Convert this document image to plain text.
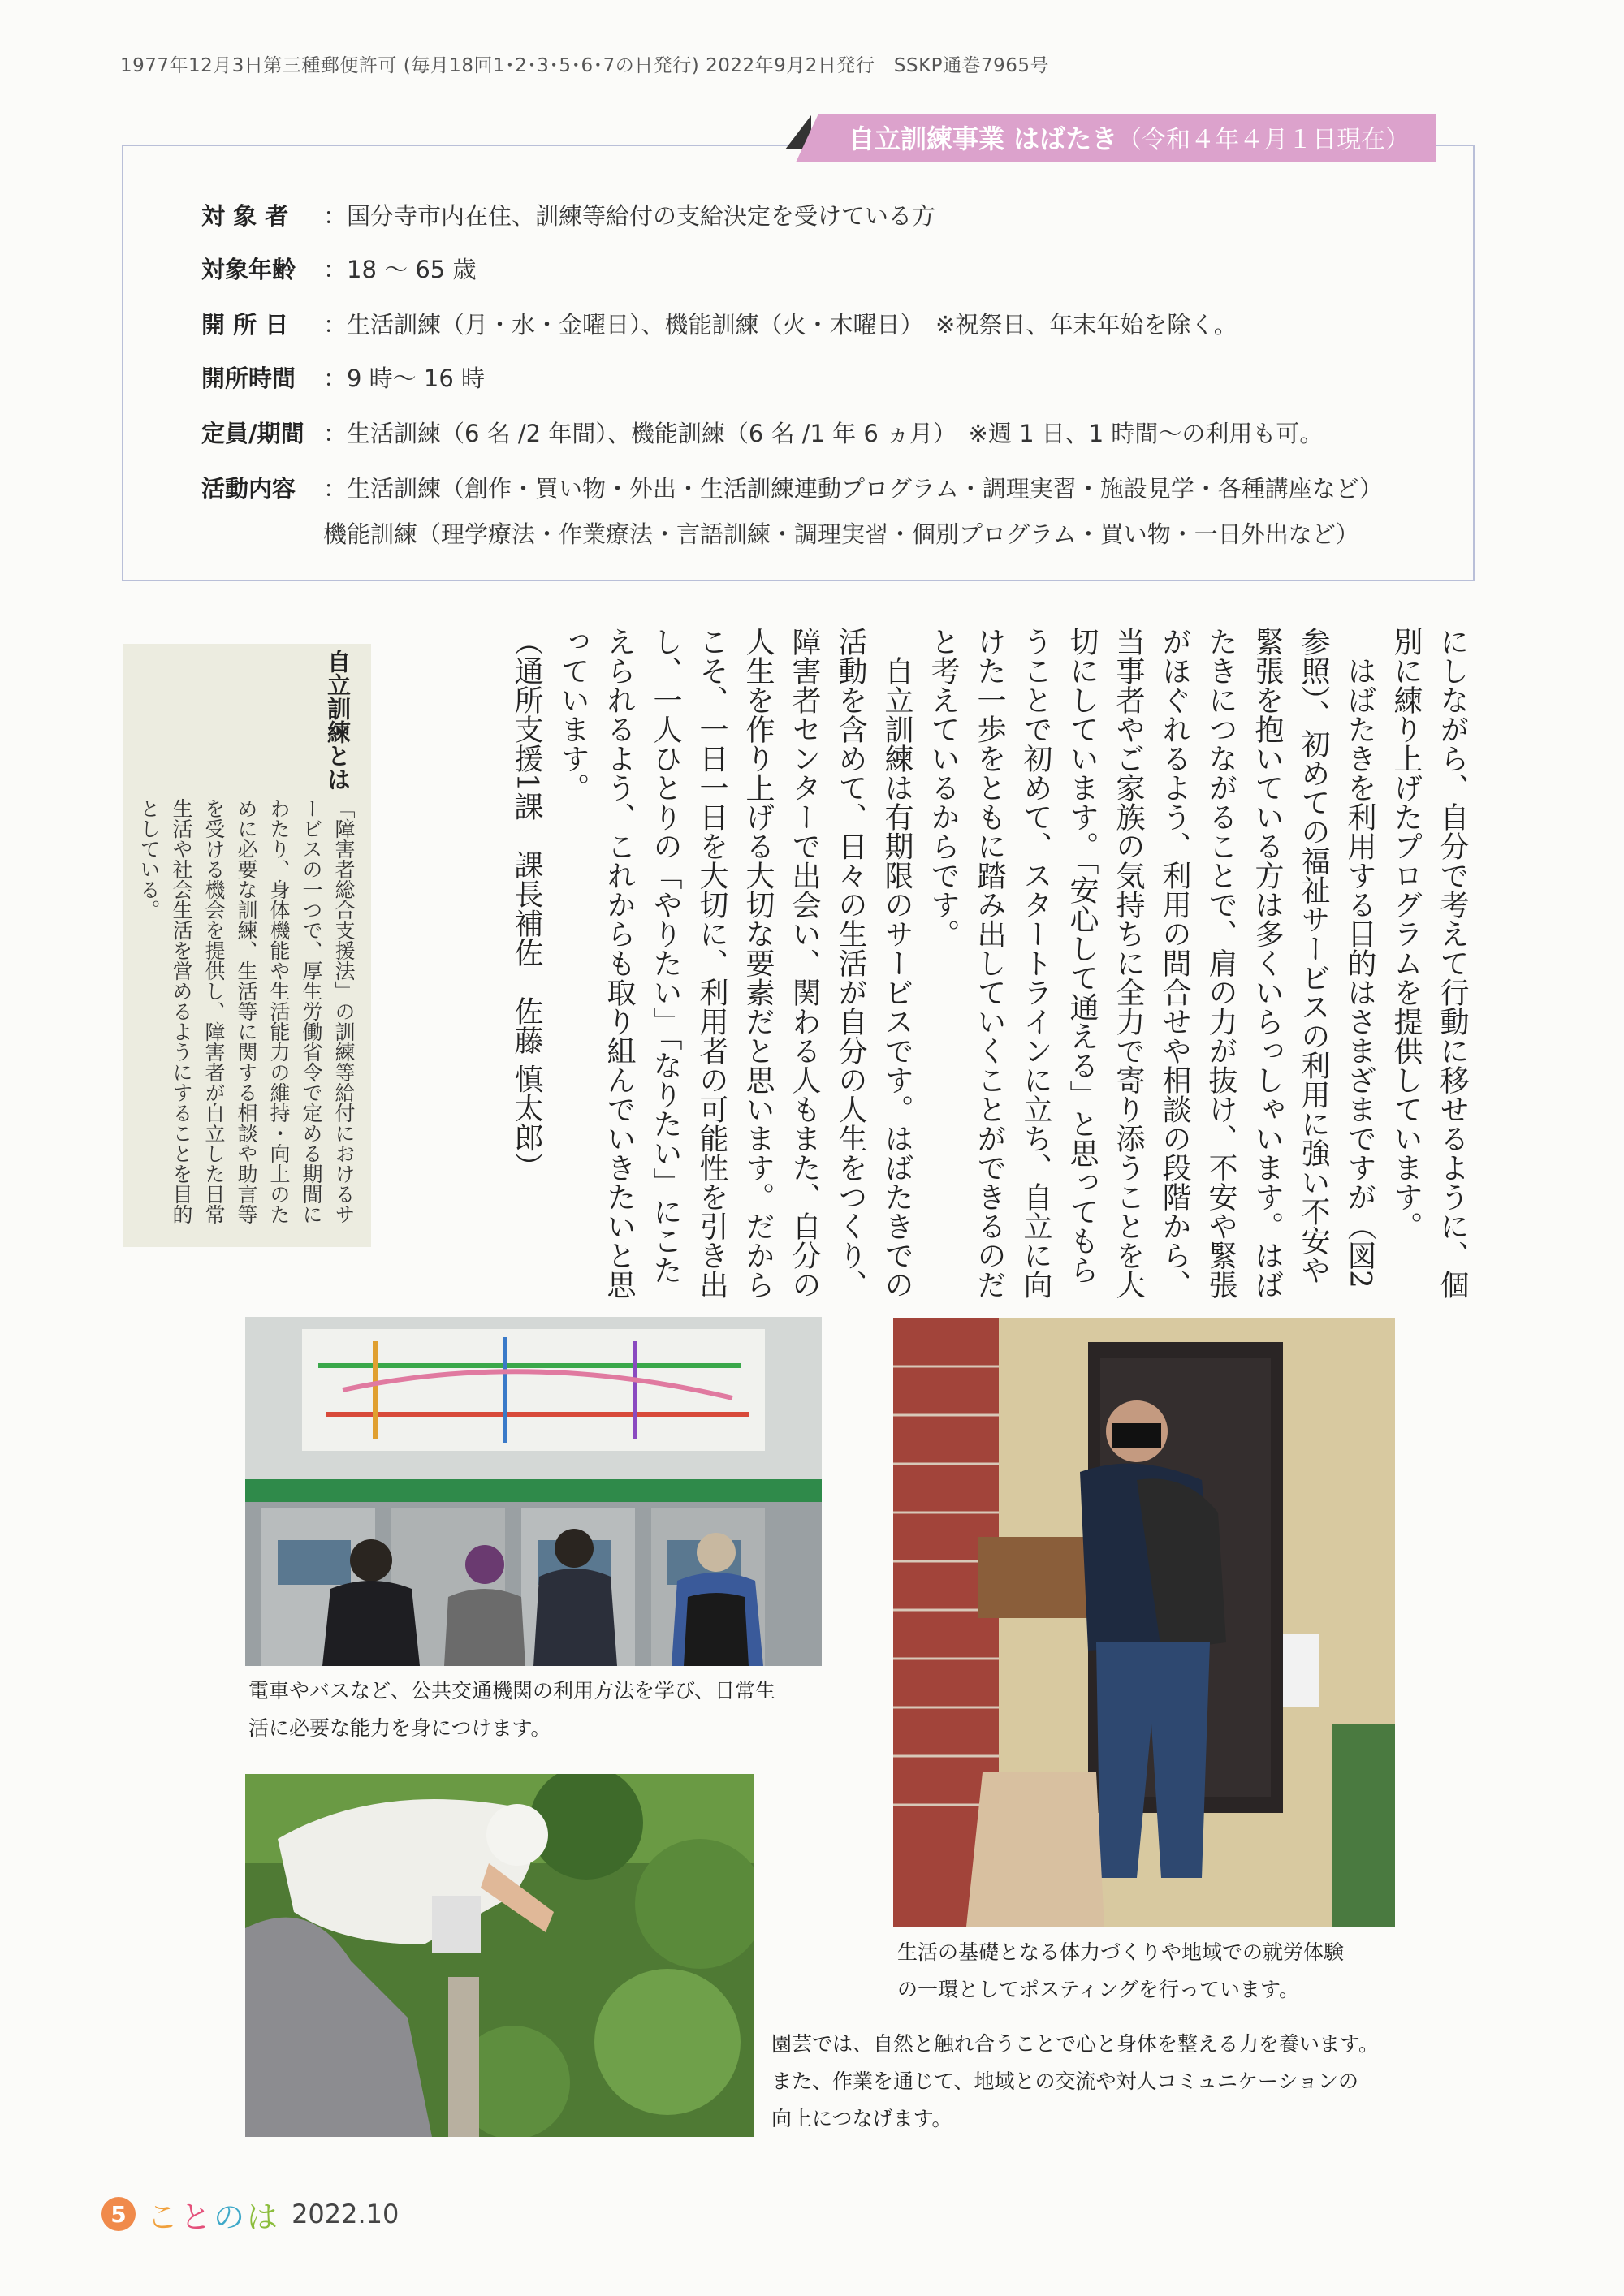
1977年12月3日第三種郵便許可 (毎月18回1･2･3･5･6･7の日発行) 2022年9月2日発行　SSKP通巻7965号
自立訓練事業 はばたき（令和４年４月１日現在）
対 象 者 ：国分寺市内在住、訓練等給付の支給決定を受けている方
対象年齢 ：18 ～ 65 歳
開 所 日 ：生活訓練（月・水・金曜日）、機能訓練（火・木曜日）　※祝祭日、年末年始を除く。
開所時間 ：9 時～ 16 時
定員/期間 ：生活訓練（6 名 /2 年間）、機能訓練（6 名 /1 年 6 ヵ月）　※週 1 日、1 時間～の利用も可。
活動内容 ：生活訓練（創作・買い物・外出・生活訓練連動プログラム・調理実習・施設見学・各種講座など）
機能訓練（理学療法・作業療法・言語訓練・調理実習・個別プログラム・買い物・一日外出など）

にしながら、自分で考えて行動に移せるように、個別に練り上げたプログラムを提供しています。

はばたきを利用する目的はさまざまですが（図2参照）、初めての福祉サービスの利用に強い不安や緊張を抱いている方は多くいらっしゃいます。はばたきにつながることで、肩の力が抜け、不安や緊張がほぐれるよう、利用の問合せや相談の段階から、当事者やご家族の気持ちに全力で寄り添うことを大切にしています。「安心して通える」と思ってもらうことで初めて、スタートラインに立ち、自立に向けた一歩をともに踏み出していくことができるのだと考えているからです。

自立訓練は有期限のサービスです。はばたきでの活動を含めて、日々の生活が自分の人生をつくり、障害者センターで出会い、関わる人もまた、自分の人生を作り上げる大切な要素だと思います。だからこそ、一日一日を大切に、利用者の可能性を引き出し、一人ひとりの「やりたい」「なりたい」にこたえられるよう、これからも取り組んでいきたいと思っています。

（通所支援1課　課長補佐　佐藤 慎太郎）

自立訓練とは
「障害者総合支援法」の訓練等給付におけるサービスの一つで、厚生労働省令で定める期間にわたり、身体機能や生活能力の維持・向上のために必要な訓練、生活等に関する相談や助言等を受ける機会を提供し、障害者が自立した日常生活や社会生活を営めるようにすることを目的としている。
電車やバスなど、公共交通機関の利用方法を学び、日常生
活に必要な能力を身につけます。
生活の基礎となる体力づくりや地域での就労体験
の一環としてポスティングを行っています。
園芸では、自然と触れ合うことで心と身体を整える力を養います。
また、作業を通じて、地域との交流や対人コミュニケーションの
向上につなげます。
5 ことのは 2022.10
